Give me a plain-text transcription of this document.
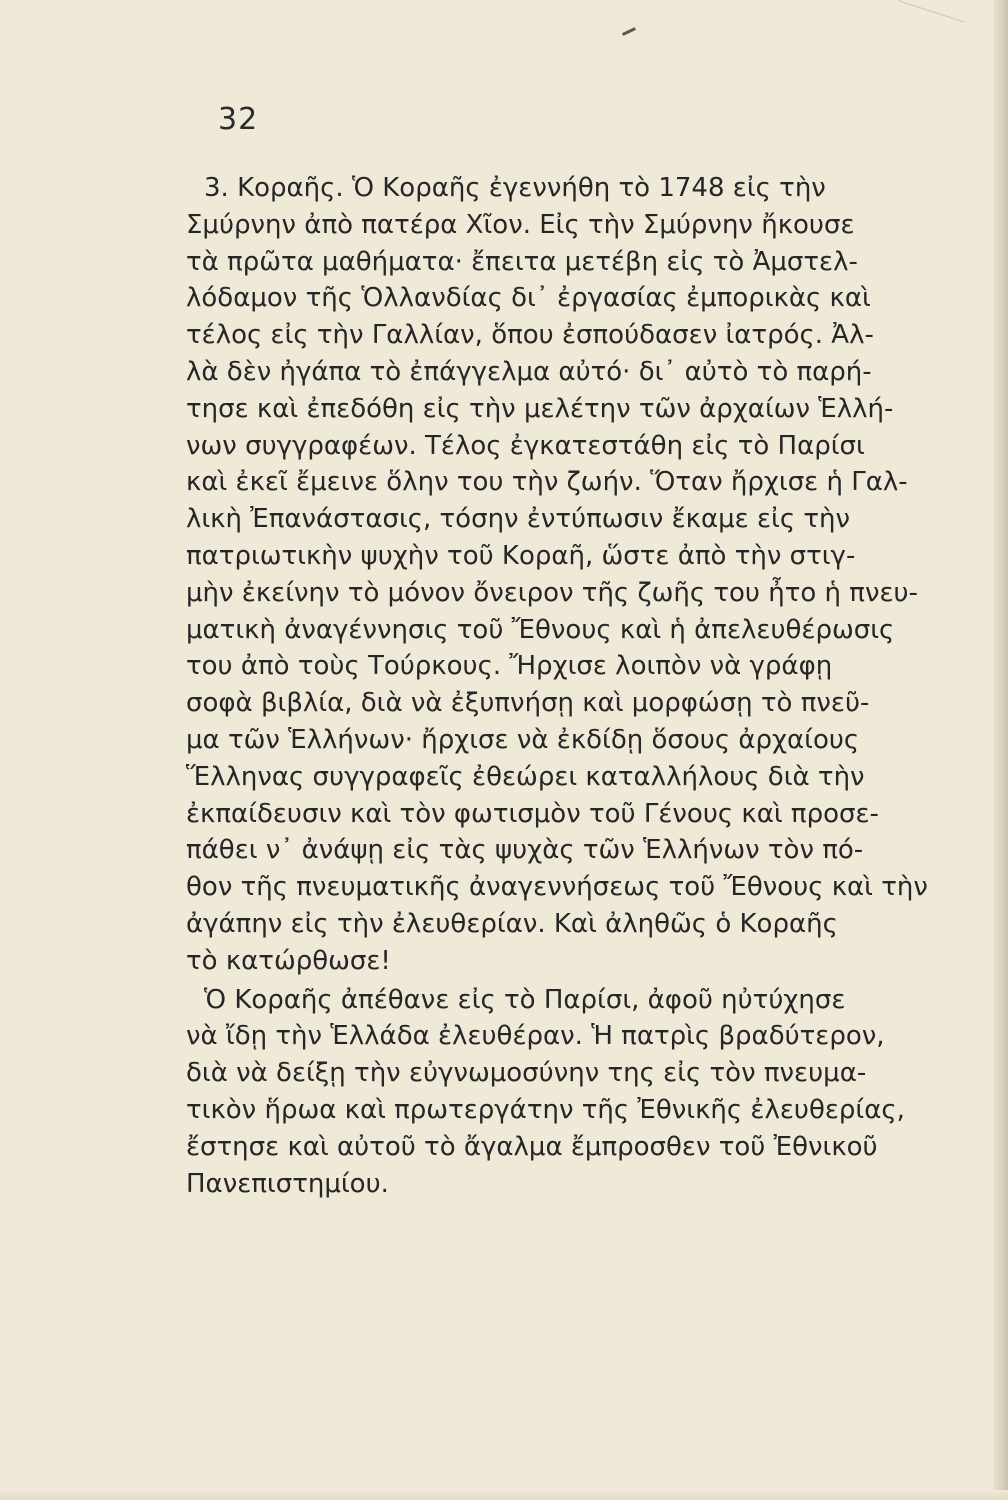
32
3. Κοραῆς. Ὁ Κοραῆς ἐγεννήθη τὸ 1748 εἰς τὴν
Σμύρνην ἀπὸ πατέρα Χῖον. Εἰς τὴν Σμύρνην ἤκουσε
τὰ πρῶτα μαθήματα· ἔπειτα μετέβη εἰς τὸ Ἀμστελ-
λόδαμον τῆς Ὁλλανδίας δι᾽ ἐργασίας ἐμπορικὰς καὶ
τέλος εἰς τὴν Γαλλίαν, ὅπου ἐσπούδασεν ἰατρός. Ἀλ-
λὰ δὲν ἠγάπα τὸ ἐπάγγελμα αὐτό· δι᾽ αὐτὸ τὸ παρή-
τησε καὶ ἐπεδόθη εἰς τὴν μελέτην τῶν ἀρχαίων Ἑλλή-
νων συγγραφέων. Τέλος ἐγκατεστάθη εἰς τὸ Παρίσι
καὶ ἐκεῖ ἔμεινε ὅλην του τὴν ζωήν. Ὅταν ἤρχισε ἡ Γαλ-
λικὴ Ἐπανάστασις, τόσην ἐντύπωσιν ἔκαμε εἰς τὴν
πατριωτικὴν ψυχὴν τοῦ Κοραῆ, ὥστε ἀπὸ τὴν στιγ-
μὴν ἐκείνην τὸ μόνον ὄνειρον τῆς ζωῆς του ἦτο ἡ πνευ-
ματικὴ ἀναγέννησις τοῦ Ἔθνους καὶ ἡ ἀπελευθέρωσις
του ἀπὸ τοὺς Τούρκους. Ἤρχισε λοιπὸν νὰ γράφῃ
σοφὰ βιβλία, διὰ νὰ ἐξυπνήσῃ καὶ μορφώσῃ τὸ πνεῦ-
μα τῶν Ἑλλήνων· ἤρχισε νὰ ἐκδίδῃ ὅσους ἀρχαίους
Ἕλληνας συγγραφεῖς ἐθεώρει καταλλήλους διὰ τὴν
ἐκπαίδευσιν καὶ τὸν φωτισμὸν τοῦ Γένους καὶ προσε-
πάθει ν᾽ ἀνάψῃ εἰς τὰς ψυχὰς τῶν Ἑλλήνων τὸν πό-
θον τῆς πνευματικῆς ἀναγεννήσεως τοῦ Ἔθνους καὶ τὴν
ἀγάπην εἰς τὴν ἐλευθερίαν. Καὶ ἀληθῶς ὁ Κοραῆς
τὸ κατώρθωσε!
Ὁ Κοραῆς ἀπέθανε εἰς τὸ Παρίσι, ἀφοῦ ηὐτύχησε
νὰ ἴδῃ τὴν Ἑλλάδα ἐλευθέραν. Ἡ πατρὶς βραδύτερον,
διὰ νὰ δείξῃ τὴν εὐγνωμοσύνην της εἰς τὸν πνευμα-
τικὸν ἥρωα καὶ πρωτεργάτην τῆς Ἐθνικῆς ἐλευθερίας,
ἔστησε καὶ αὐτοῦ τὸ ἄγαλμα ἔμπροσθεν τοῦ Ἐθνικοῦ
Πανεπιστημίου.
